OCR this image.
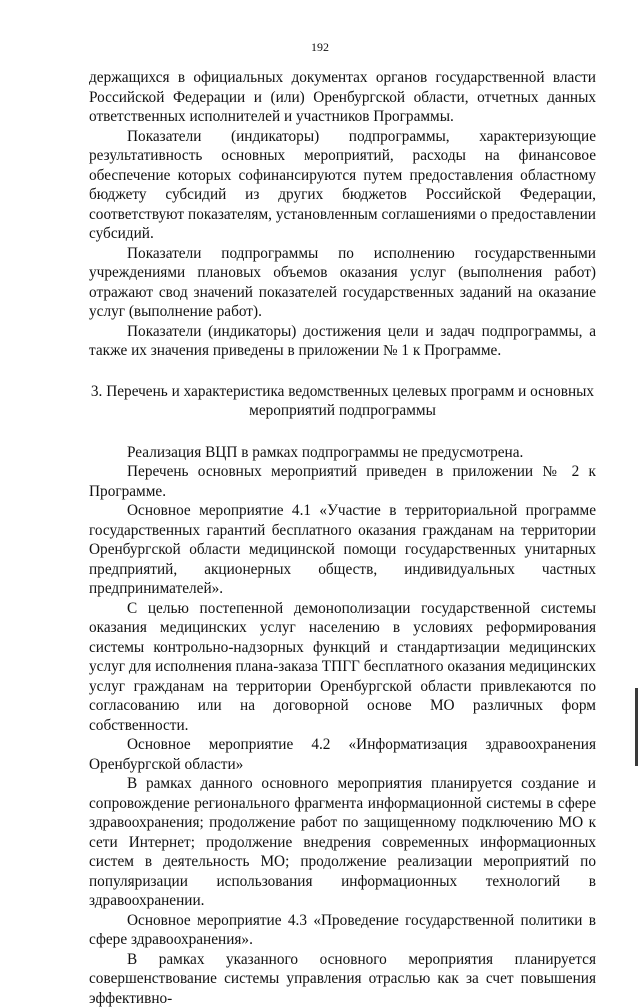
192

держащихся в официальных документах органов государственной власти Российской Федерации и (или) Оренбургской области, отчетных данных ответственных исполнителей и участников Программы.

Показатели (индикаторы) подпрограммы, характеризующие результативность основных мероприятий, расходы на финансовое обеспечение которых софинансируются путем предоставления областному бюджету субсидий из других бюджетов Российской Федерации, соответствуют показателям, установленным соглашениями о предоставлении субсидий.

Показатели подпрограммы по исполнению государственными учреждениями плановых объемов оказания услуг (выполнения работ) отражают свод значений показателей государственных заданий на оказание услуг (выполнение работ).

Показатели (индикаторы) достижения цели и задач подпрограммы, а также их значения приведены в приложении № 1 к Программе.

3. Перечень и характеристика ведомственных целевых программ и основных мероприятий подпрограммы

Реализация ВЦП в рамках подпрограммы не предусмотрена.

Перечень основных мероприятий приведен в приложении № 2 к Программе.

Основное мероприятие 4.1 «Участие в территориальной программе государственных гарантий бесплатного оказания гражданам на территории Оренбургской области медицинской помощи государственных унитарных предприятий, акционерных обществ, индивидуальных частных предпринимателей».

С целью постепенной демонополизации государственной системы оказания медицинских услуг населению в условиях реформирования системы контрольно-надзорных функций и стандартизации медицинских услуг для исполнения плана-заказа ТПГГ бесплатного оказания медицинских услуг гражданам на территории Оренбургской области привлекаются по согласованию или на договорной основе МО различных форм собственности.

Основное мероприятие 4.2 «Информатизация здравоохранения Оренбургской области»

В рамках данного основного мероприятия планируется создание и сопровождение регионального фрагмента информационной системы в сфере здравоохранения; продолжение работ по защищенному подключению МО к сети Интернет; продолжение внедрения современных информационных систем в деятельность МО; продолжение реализации мероприятий по популяризации использования информационных технологий в здравоохранении.

Основное мероприятие 4.3 «Проведение государственной политики в сфере здравоохранения».

В рамках указанного основного мероприятия планируется совершенствование системы управления отраслью как за счет повышения эффективно-
